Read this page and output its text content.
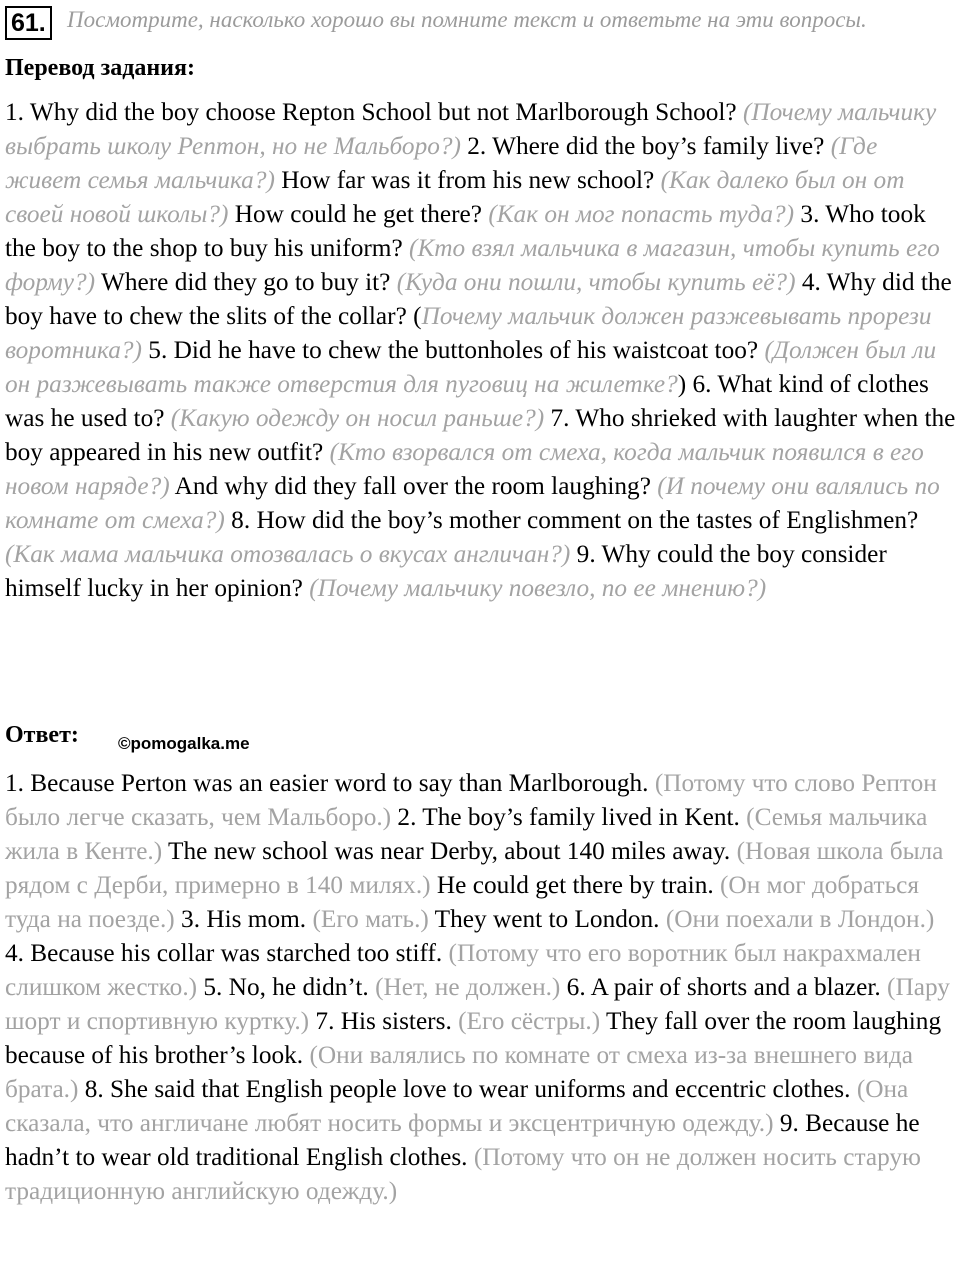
61. Посмотрите, насколько хорошо вы помните текст и ответьте на эти вопросы.
Перевод задания:

1. Why did the boy choose Repton School but not Marlborough School? (Почему мальчику выбрать школу Рептон, но не Мальборо?) 2. Where did the boy’s family live? (Где живет семья мальчика?) How far was it from his new school? (Как далеко был он от своей новой школы?) How could he get there? (Как он мог попасть туда?) 3. Who took the boy to the shop to buy his uniform? (Кто взял мальчика в магазин, чтобы купить его форму?) Where did they go to buy it? (Куда они пошли, чтобы купить её?) 4. Why did the boy have to chew the slits of the collar? (Почему мальчик должен разжевывать прорези воротника?) 5. Did he have to chew the buttonholes of his waistcoat too? (Должен был ли он разжевывать также отверстия для пуговиц на жилетке?) 6. What kind of clothes was he used to? (Какую одежду он носил раньше?) 7. Who shrieked with laughter when the boy appeared in his new outfit? (Кто взорвался от смеха, когда мальчик появился в его новом наряде?) And why did they fall over the room laughing? (И почему они валялись по комнате от смеха?) 8. How did the boy’s mother comment on the tastes of Englishmen? (Как мама мальчика отозвалась о вкусах англичан?) 9. Why could the boy consider himself lucky in her opinion? (Почему мальчику повезло, по ее мнению?)

Ответ: ©pomogalka.me

1. Because Perton was an easier word to say than Marlborough. (Потому что слово Рептон было легче сказать, чем Мальборо.) 2. The boy’s family lived in Kent. (Семья мальчика жила в Кенте.) The new school was near Derby, about 140 miles away. (Новая школа была рядом с Дерби, примерно в 140 милях.) He could get there by train. (Он мог добраться туда на поезде.) 3. His mom. (Его мать.) They went to London. (Они поехали в Лондон.) 4. Because his collar was starched too stiff. (Потому что его воротник был накрахмален слишком жестко.) 5. No, he didn’t. (Нет, не должен.) 6. A pair of shorts and a blazer. (Пару шорт и спортивную куртку.) 7. His sisters. (Его сёстры.) They fall over the room laughing because of his brother’s look. (Они валялись по комнате от смеха из-за внешнего вида брата.) 8. She said that English people love to wear uniforms and eccentric clothes. (Она сказала, что англичане любят носить формы и эксцентричную одежду.) 9. Because he hadn’t to wear old traditional English clothes. (Потому что он не должен носить старую традиционную английскую одежду.)
